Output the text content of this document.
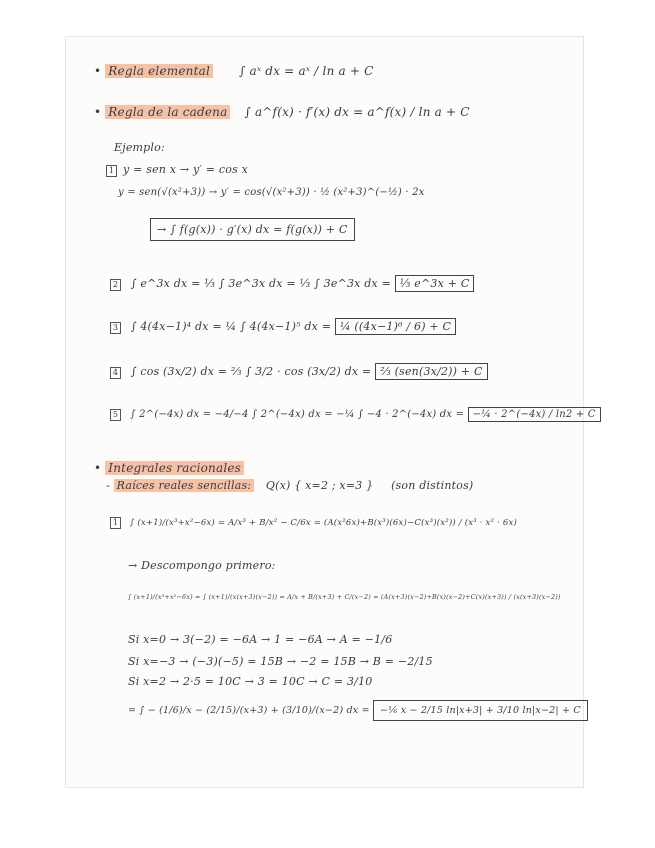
• Regla elemental ∫ aˣ dx = aˣ / ln a + C
• Regla de la cadena ∫ a^f(x) · f′(x) dx = a^f(x) / ln a + C
Ejemplo:
1 y = sen x → y′ = cos x
y = sen(√(x²+3)) → y′ = cos(√(x²+3)) · ½ (x²+3)^(−½) · 2x
→ ∫ f(g(x)) · g′(x) dx = f(g(x)) + C
2 ∫ e^3x dx = ⅓ ∫ 3e^3x dx = ⅓ ∫ 3e^3x dx = ⅓ e^3x + C
3 ∫ 4(4x−1)⁴ dx = ¼ ∫ 4(4x−1)⁵ dx = ¼ ((4x−1)⁶ / 6) + C
4 ∫ cos (3x/2) dx = ⅔ ∫ 3/2 · cos (3x/2) dx = ⅔ (sen(3x/2)) + C
5 ∫ 2^(−4x) dx = −4/−4 ∫ 2^(−4x) dx = −¼ ∫ −4 · 2^(−4x) dx = −¼ · 2^(−4x) / ln2 + C
• Integrales racionales
- Raíces reales sencillas: Q(x) { x=2 ; x=3 } (son distintos)
1 ∫ (x+1)/(x³+x²−6x) = A/x³ + B/x² − C/6x = (A(x²6x)+B(x³)(6x)−C(x³)(x²)) / (x³ · x² · 6x)
→ Descompongo primero:
∫ (x+1)/(x³+x²−6x) = ∫ (x+1)/(x(x+3)(x−2)) = A/x + B/(x+3) + C/(x−2) = (A(x+3)(x−2)+B(x)(x−2)+C(x)(x+3)) / (x(x+3)(x−2))
Si x=0 → 3(−2) = −6A → 1 = −6A → A = −1/6
Si x=−3 → (−3)(−5) = 15B → −2 = 15B → B = −2/15
Si x=2 → 2·5 = 10C → 3 = 10C → C = 3/10
= ∫ − (1/6)/x − (2/15)/(x+3) + (3/10)/(x−2) dx = −⅙ x − 2/15 ln|x+3| + 3/10 ln|x−2| + C
